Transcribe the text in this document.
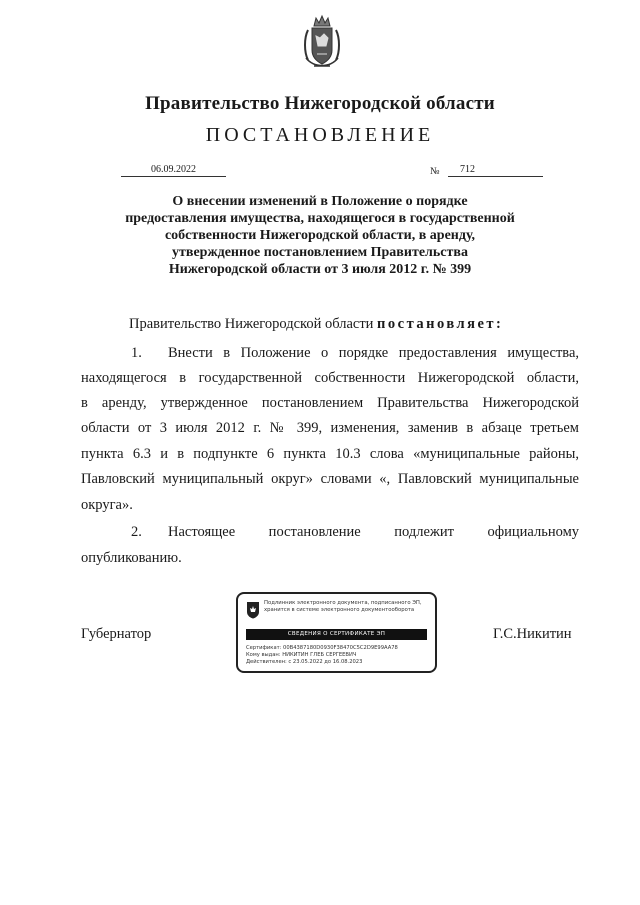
Правительство Нижегородской области
ПОСТАНОВЛЕНИЕ
06.09.2022	№	712
О внесении изменений в Положение о порядке
предоставления имущества, находящегося в государственной
собственности Нижегородской области, в аренду,
утвержденное постановлением Правительства
Нижегородской области от 3 июля 2012 г. № 399
Правительство Нижегородской области постановляет:
1. Внести в Положение о порядке предоставления имущества,
находящегося в государственной собственности Нижегородской области,
в аренду, утвержденное постановлением Правительства Нижегородской
области от 3 июля 2012 г. № 399, изменения, заменив в абзаце третьем
пункта 6.3 и в подпункте 6 пункта 10.3 слова «муниципальные районы,
Павловский муниципальный округ» словами «, Павловский муниципальные
округа».
2. Настоящее постановление подлежит официальному
опубликованию.
Губернатор	Г.С.Никитин
Подлинник электронного документа, подписанного ЭП,
хранится в системе электронного документооборота
СВЕДЕНИЯ О СЕРТИФИКАТЕ ЭП
Сертификат: 00B4387180D0930F38470C5C2D9E99AA78
Кому выдан: НИКИТИН ГЛЕБ СЕРГЕЕВИЧ
Действителен: с 23.05.2022 до 16.08.2023
